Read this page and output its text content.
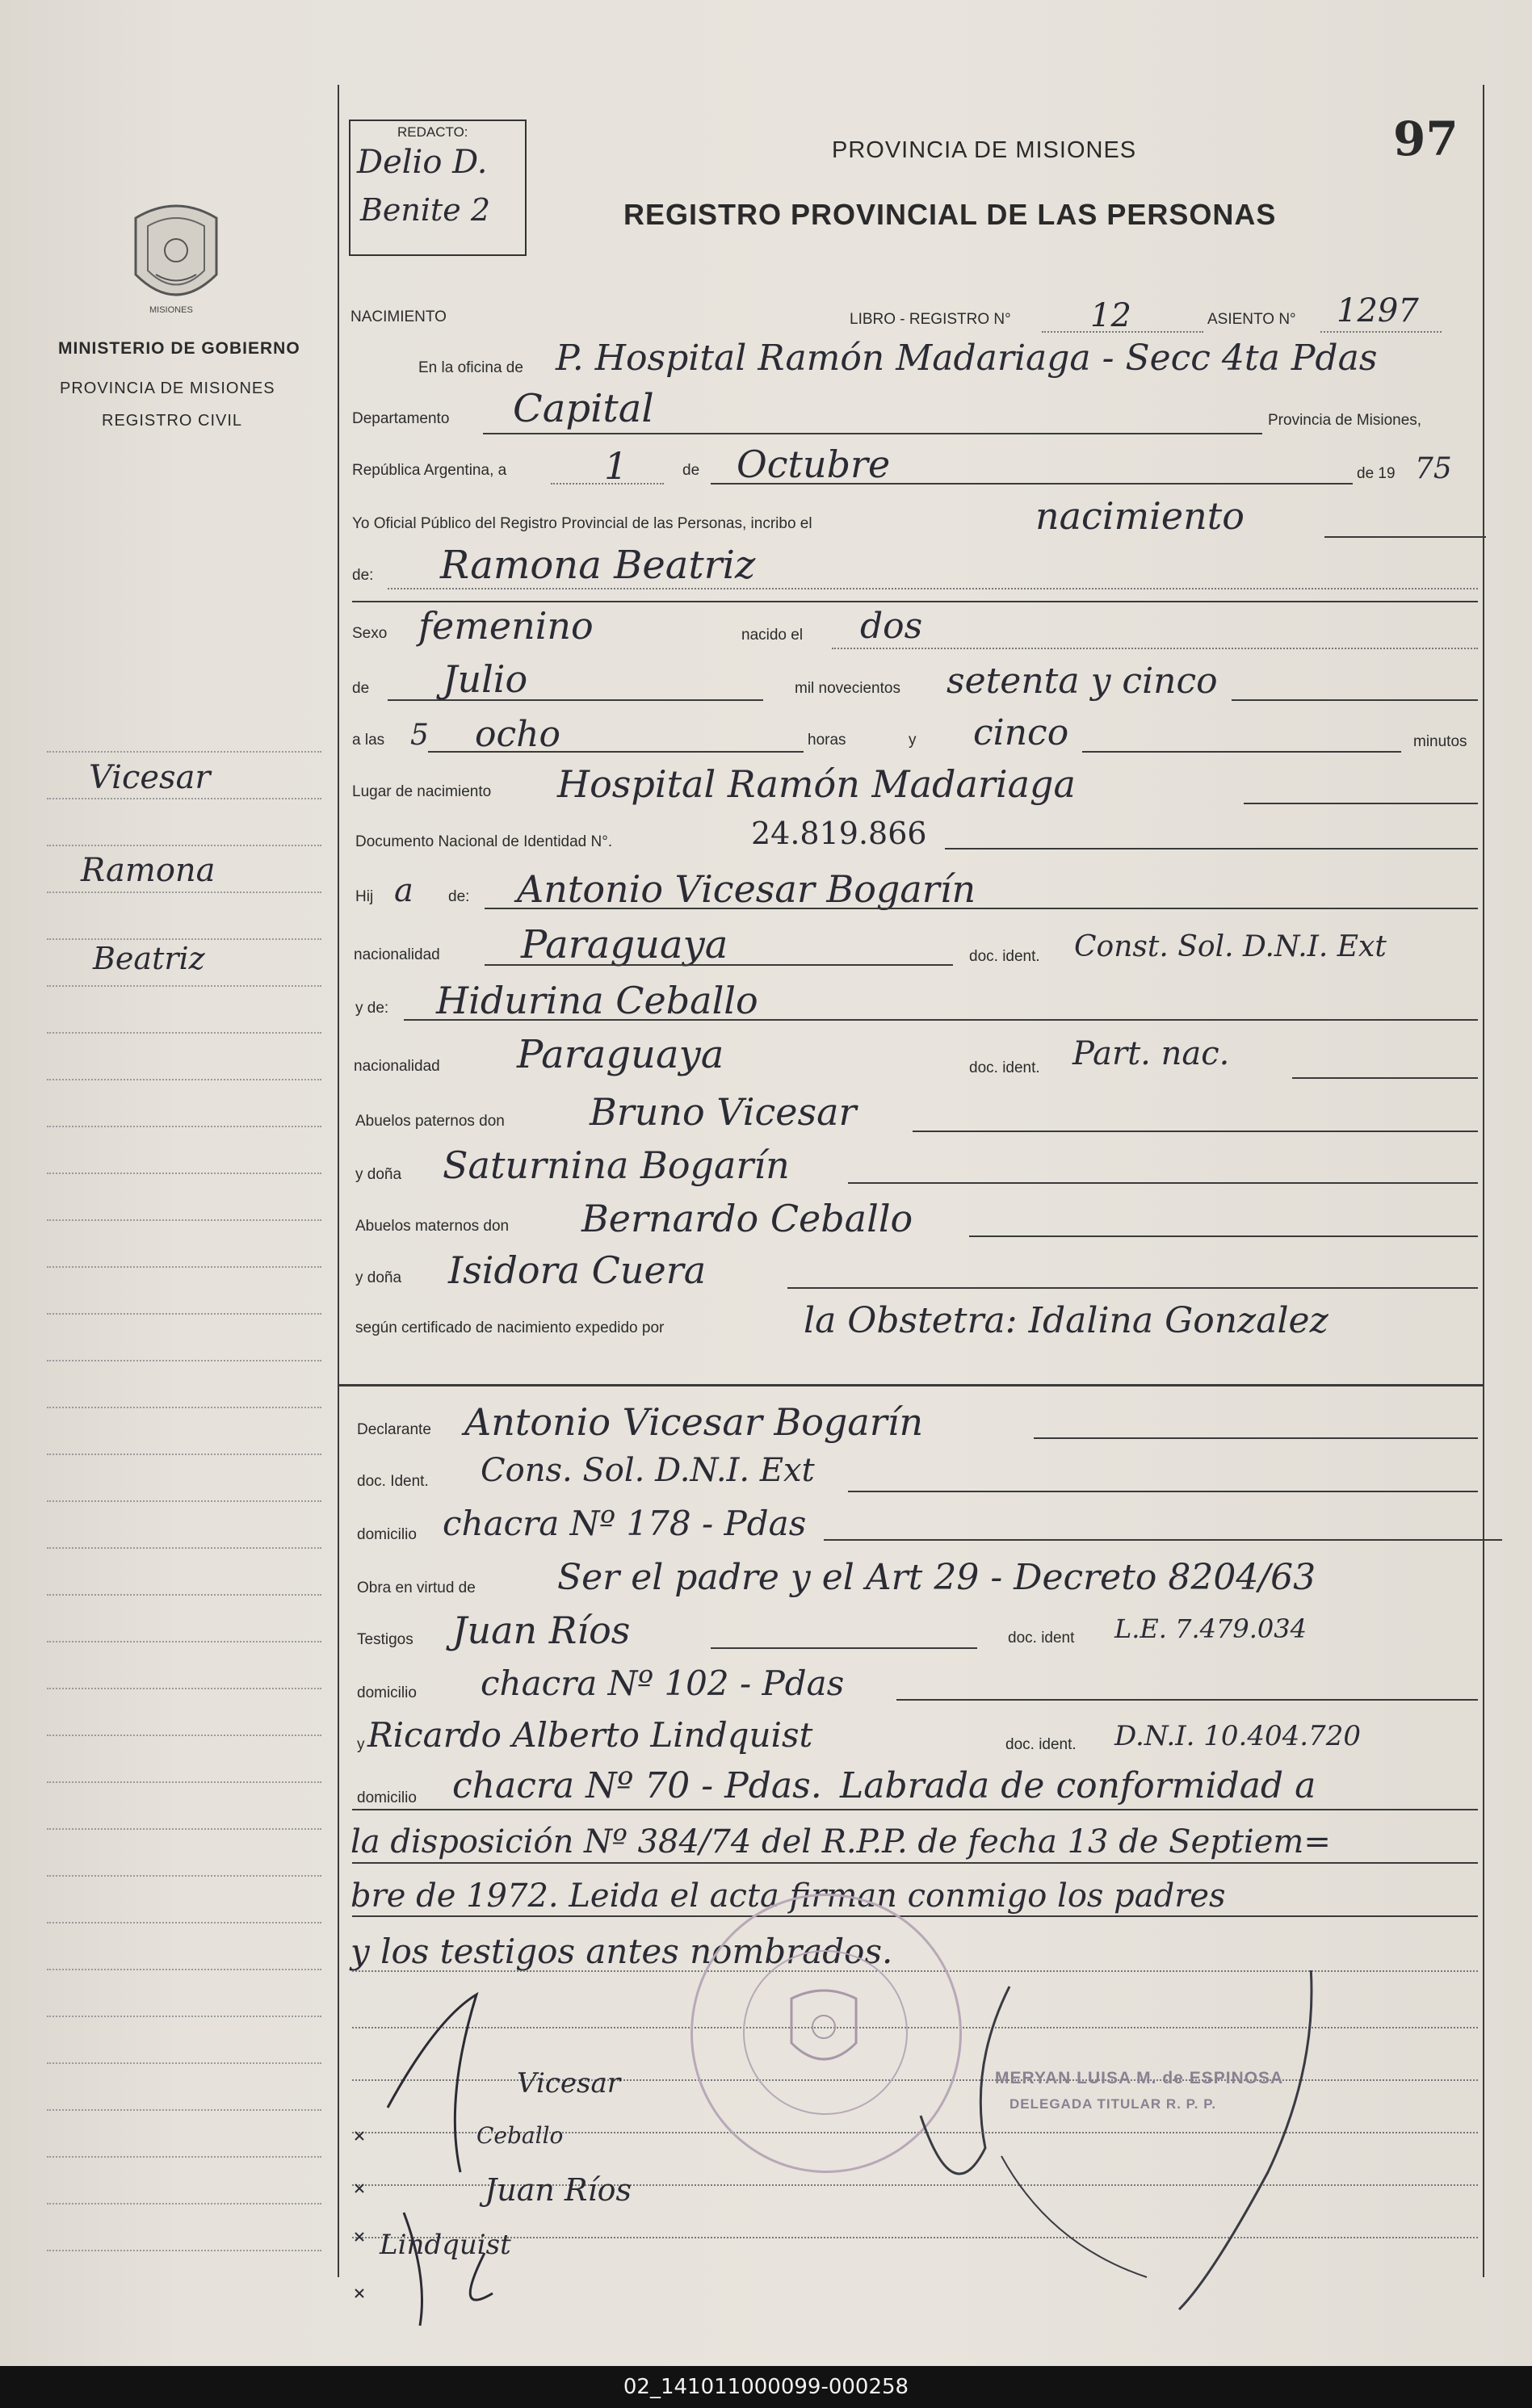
MISIONES
MINISTERIO DE GOBIERNO
PROVINCIA DE MISIONES
REGISTRO CIVIL
Vicesar
Ramona
Beatriz
REDACTO:
Delio D.
Benite 2
PROVINCIA DE MISIONES	97
REGISTRO PROVINCIAL DE LAS PERSONAS
NACIMIENTO	LIBRO - REGISTRO N° 12	ASIENTO N° 1297
En la oficina de P. Hospital Ramón Madariaga - Secc 4ta Pdas
Departamento Capital	Provincia de Misiones,
República Argentina, a	1	de Octubre	de 19 75
Yo Oficial Público del Registro Provincial de las Personas, incribo el	nacimiento
de: Ramona Beatriz
Sexo femenino	nacido el dos
de Julio	mil novecientos setenta y cinco
a las 5 ocho	horas	y cinco	minutos
Lugar de nacimiento Hospital Ramón Madariaga
Documento Nacional de Identidad N°.	24.819.866
Hij a de: Antonio Vicesar Bogarín
nacionalidad Paraguaya	doc. ident. Const. Sol. D.N.I. Ext
y de: Hidurina Ceballo
nacionalidad Paraguaya	doc. ident. Part. nac.
Abuelos paternos don Bruno Vicesar
y doña Saturnina Bogarín
Abuelos maternos don Bernardo Ceballo
y doña Isidora Cuera
según certificado de nacimiento expedido por	la Obstetra: Idalina Gonzalez
Declarante Antonio Vicesar Bogarín
doc. Ident. Cons. Sol. D.N.I. Ext
domicilio chacra Nº 178 - Pdas
Obra en virtud de Ser el padre y el Art 29 - Decreto 8204/63
Testigos Juan Ríos	doc. ident L.E. 7.479.034
domicilio chacra Nº 102 - Pdas
y Ricardo Alberto Lindquist	doc. ident. D.N.I. 10.404.720
domicilio chacra Nº 70 - Pdas. Labrada de conformidad a
la disposición Nº 384/74 del R.P.P. de fecha 13 de Septiem=
bre de 1972. Leida el acta firman conmigo los padres
y los testigos antes nombrados.
MERYAN LUISA M. de ESPINOSA
DELEGADA TITULAR R. P. P.
Vicesar
Ceballo
Juan Ríos
Lindquist
02_141011000099-000258
